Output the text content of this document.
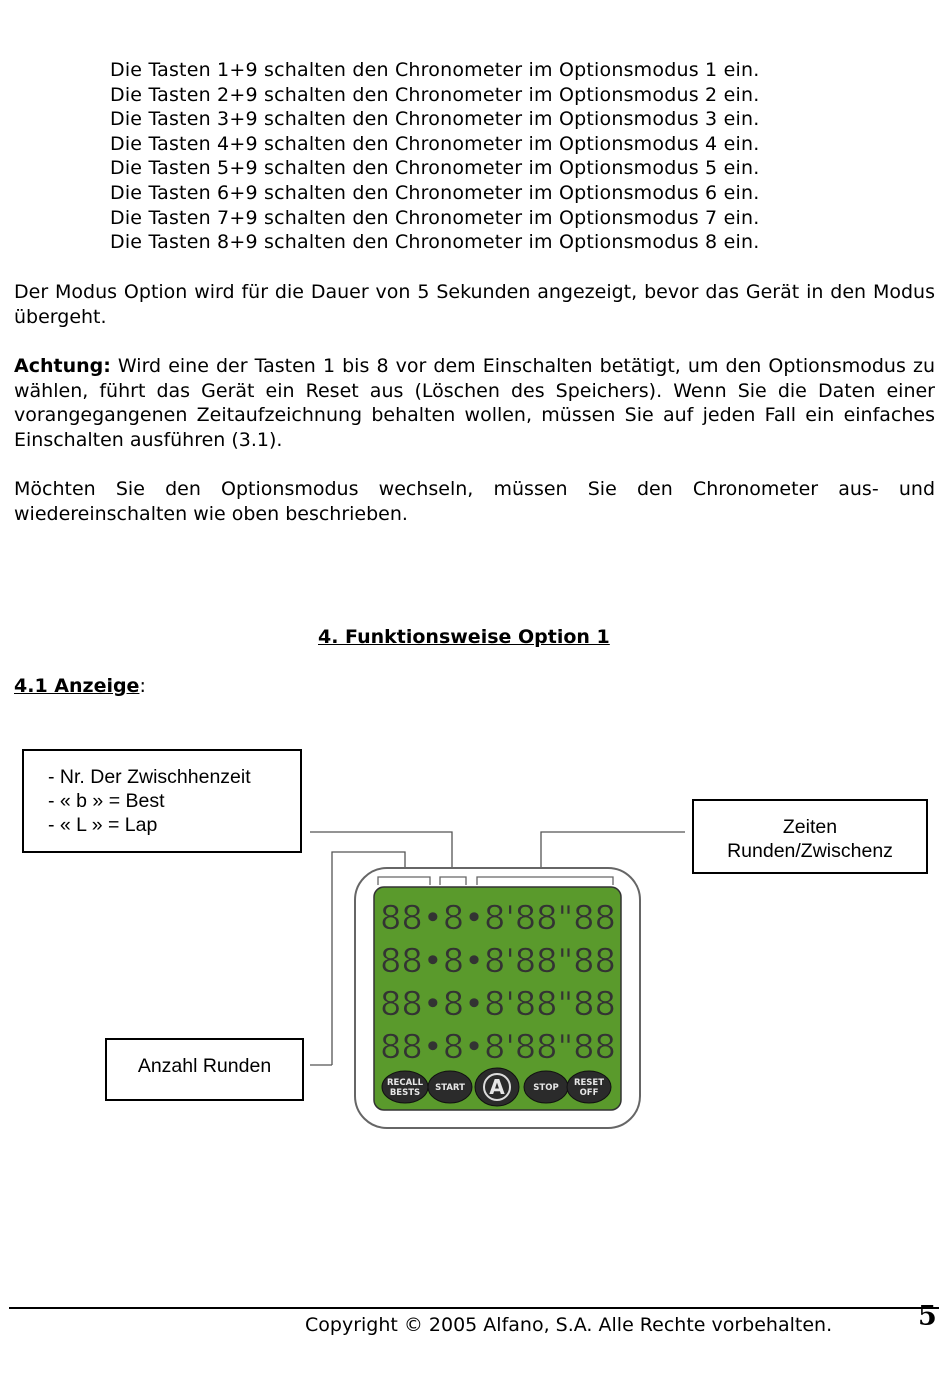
Die Tasten 1+9 schalten den Chronometer im Optionsmodus 1 ein.
Die Tasten 2+9 schalten den Chronometer im Optionsmodus 2 ein.
Die Tasten 3+9 schalten den Chronometer im Optionsmodus 3 ein.
Die Tasten 4+9 schalten den Chronometer im Optionsmodus 4 ein.
Die Tasten 5+9 schalten den Chronometer im Optionsmodus 5 ein.
Die Tasten 6+9 schalten den Chronometer im Optionsmodus 6 ein.
Die Tasten 7+9 schalten den Chronometer im Optionsmodus 7 ein.
Die Tasten 8+9 schalten den Chronometer im Optionsmodus 8 ein.
Der Modus Option wird für die Dauer von 5 Sekunden angezeigt, bevor das Gerät in den Modus übergeht.
Achtung: Wird eine der Tasten 1 bis 8 vor dem Einschalten betätigt, um den Optionsmodus zu wählen, führt das Gerät ein Reset aus (Löschen des Speichers). Wenn Sie die Daten einer vorangegangenen Zeitaufzeichnung behalten wollen, müssen Sie auf jeden Fall ein einfaches Einschalten ausführen (3.1).
Möchten Sie den Optionsmodus wechseln, müssen Sie den Chronometer aus- und wiedereinschalten wie oben beschrieben.
4. Funktionsweise Option 1
4.1 Anzeige:
88•8•8'88"88
88•8•8'88"88
88•8•8'88"88
88•8•8'88"88
RECALL
BESTS
START A	STOP RESET
OFF
- Nr. Der Zwischhenzeit
- « b » = Best
- « L » = Lap	Zeiten
Runden/Zwischenz
Anzahl Runden
Copyright © 2005 Alfano, S.A. Alle Rechte vorbehalten.	5
